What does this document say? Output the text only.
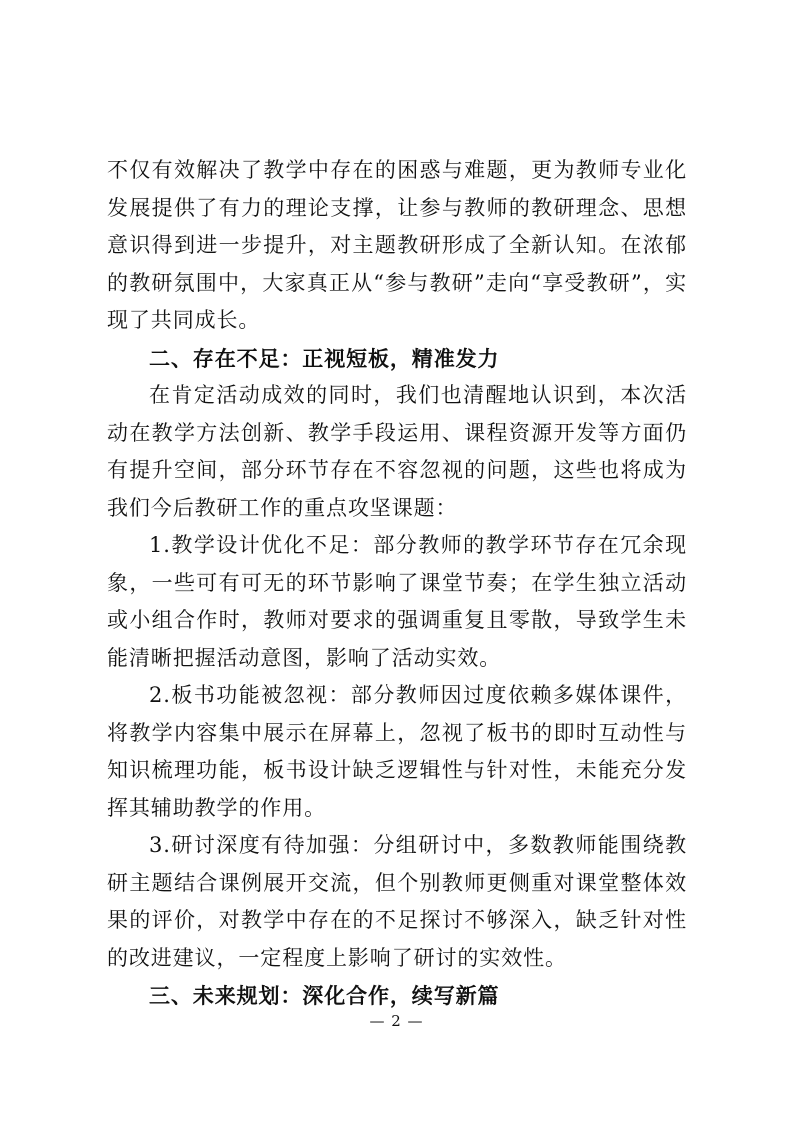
不仅有效解决了教学中存在的困惑与难题，更为教师专业化发展提供了有力的理论支撑，让参与教师的教研理念、思想意识得到进一步提升，对主题教研形成了全新认知。在浓郁的教研氛围中，大家真正从“参与教研”走向“享受教研”，实现了共同成长。

二、存在不足：正视短板，精准发力

在肯定活动成效的同时，我们也清醒地认识到，本次活动在教学方法创新、教学手段运用、课程资源开发等方面仍有提升空间，部分环节存在不容忽视的问题，这些也将成为我们今后教研工作的重点攻坚课题：

1.教学设计优化不足：部分教师的教学环节存在冗余现象，一些可有可无的环节影响了课堂节奏；在学生独立活动或小组合作时，教师对要求的强调重复且零散，导致学生未能清晰把握活动意图，影响了活动实效。

2.板书功能被忽视：部分教师因过度依赖多媒体课件，将教学内容集中展示在屏幕上，忽视了板书的即时互动性与知识梳理功能，板书设计缺乏逻辑性与针对性，未能充分发挥其辅助教学的作用。

3.研讨深度有待加强：分组研讨中，多数教师能围绕教研主题结合课例展开交流，但个别教师更侧重对课堂整体效果的评价，对教学中存在的不足探讨不够深入，缺乏针对性的改进建议，一定程度上影响了研讨的实效性。

三、未来规划：深化合作，续写新篇

— 2 —
